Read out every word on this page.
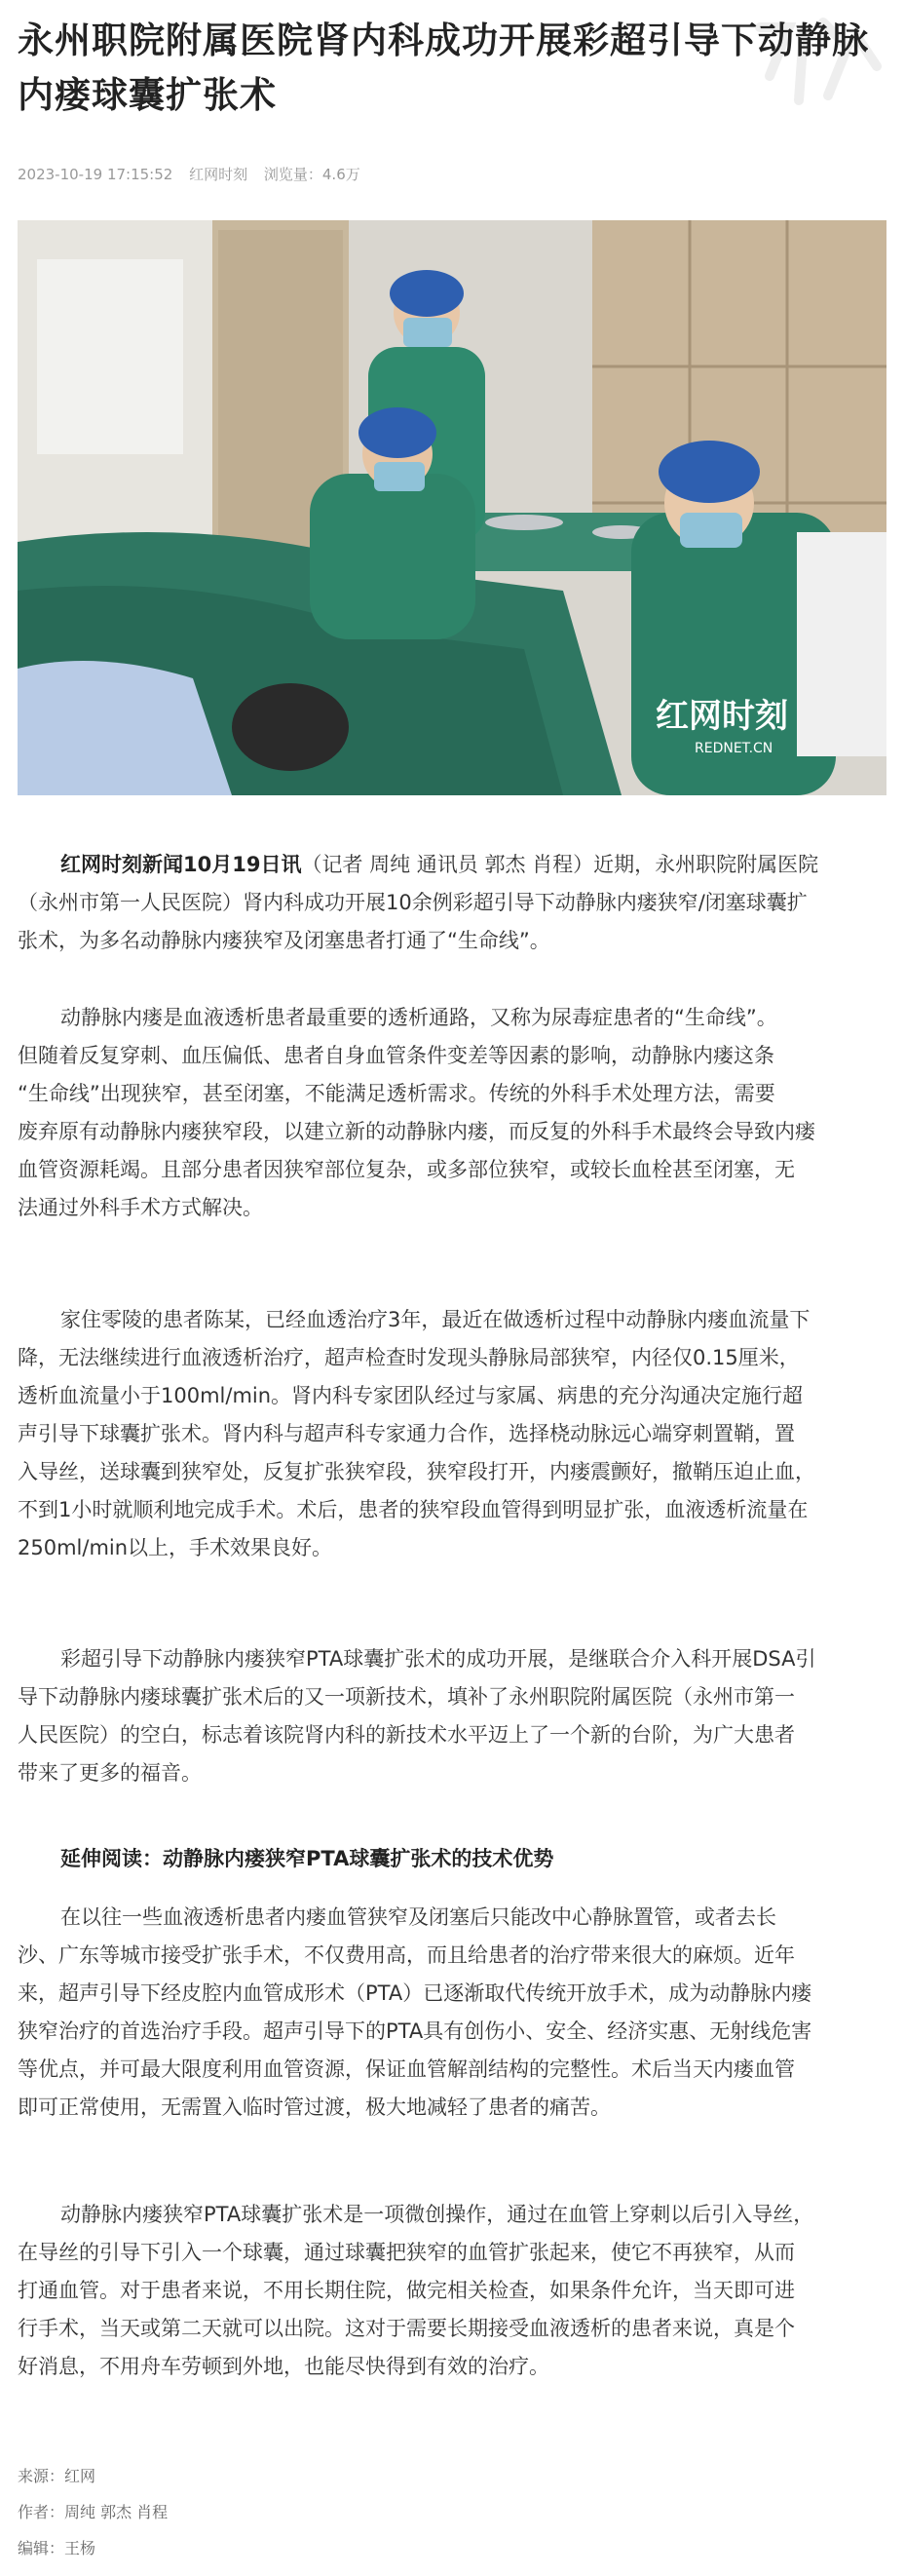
永州职院附属医院肾内科成功开展彩超引导下动静脉内瘘球囊扩张术
2023-10-19 17:15:52 红网时刻 浏览量：4.6万
红网时刻
REDNET.CN
红网时刻新闻10月19日讯（记者 周纯 通讯员 郭杰 肖程）近期，永州职院附属医院
（永州市第一人民医院）肾内科成功开展10余例彩超引导下动静脉内瘘狭窄/闭塞球囊扩
张术，为多名动静脉内瘘狭窄及闭塞患者打通了“生命线”。
动静脉内瘘是血液透析患者最重要的透析通路，又称为尿毒症患者的“生命线”。
但随着反复穿刺、血压偏低、患者自身血管条件变差等因素的影响，动静脉内瘘这条
“生命线”出现狭窄，甚至闭塞，不能满足透析需求。传统的外科手术处理方法，需要
废弃原有动静脉内瘘狭窄段，以建立新的动静脉内瘘，而反复的外科手术最终会导致内瘘
血管资源耗竭。且部分患者因狭窄部位复杂，或多部位狭窄，或较长血栓甚至闭塞，无
法通过外科手术方式解决。
家住零陵的患者陈某，已经血透治疗3年，最近在做透析过程中动静脉内瘘血流量下
降，无法继续进行血液透析治疗，超声检查时发现头静脉局部狭窄，内径仅0.15厘米，
透析血流量小于100ml/min。肾内科专家团队经过与家属、病患的充分沟通决定施行超
声引导下球囊扩张术。肾内科与超声科专家通力合作，选择桡动脉远心端穿刺置鞘，置
入导丝，送球囊到狭窄处，反复扩张狭窄段，狭窄段打开，内瘘震颤好，撤鞘压迫止血，
不到1小时就顺利地完成手术。术后，患者的狭窄段血管得到明显扩张，血液透析流量在
250ml/min以上，手术效果良好。
彩超引导下动静脉内瘘狭窄PTA球囊扩张术的成功开展，是继联合介入科开展DSA引
导下动静脉内瘘球囊扩张术后的又一项新技术，填补了永州职院附属医院（永州市第一
人民医院）的空白，标志着该院肾内科的新技术水平迈上了一个新的台阶，为广大患者
带来了更多的福音。
延伸阅读：动静脉内瘘狭窄PTA球囊扩张术的技术优势
在以往一些血液透析患者内瘘血管狭窄及闭塞后只能改中心静脉置管，或者去长
沙、广东等城市接受扩张手术，不仅费用高，而且给患者的治疗带来很大的麻烦。近年
来，超声引导下经皮腔内血管成形术（PTA）已逐渐取代传统开放手术，成为动静脉内瘘
狭窄治疗的首选治疗手段。超声引导下的PTA具有创伤小、安全、经济实惠、无射线危害
等优点，并可最大限度利用血管资源，保证血管解剖结构的完整性。术后当天内瘘血管
即可正常使用，无需置入临时管过渡，极大地减轻了患者的痛苦。
动静脉内瘘狭窄PTA球囊扩张术是一项微创操作，通过在血管上穿刺以后引入导丝，
在导丝的引导下引入一个球囊，通过球囊把狭窄的血管扩张起来，使它不再狭窄，从而
打通血管。对于患者来说，不用长期住院，做完相关检查，如果条件允许，当天即可进
行手术，当天或第二天就可以出院。这对于需要长期接受血液透析的患者来说，真是个
好消息，不用舟车劳顿到外地，也能尽快得到有效的治疗。
来源：红网
作者：周纯 郭杰 肖程
编辑：王杨
